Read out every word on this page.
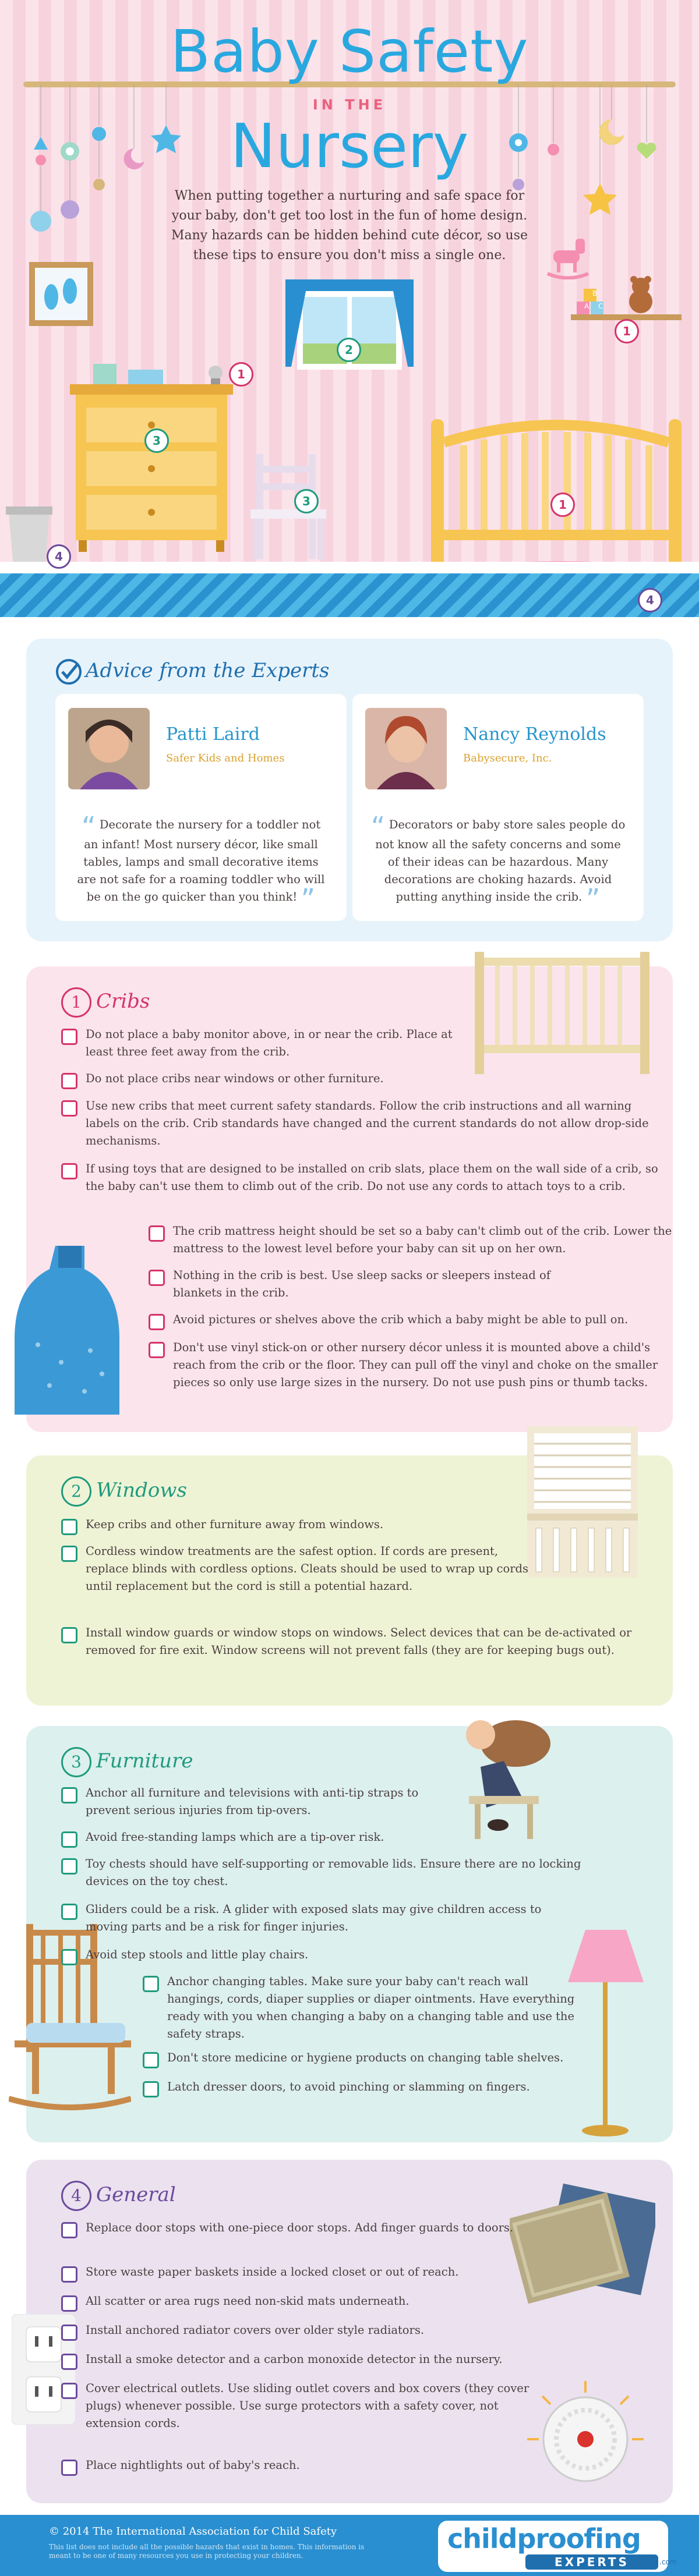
Baby Safety
IN THE
Nursery
When putting together a nurturing and safe space for your baby, don't get too lost in the fun of home design. Many hazards can be hidden behind cute décor, so use these tips to ensure you don't miss a single one.
A
B
C
1
2
3
3
1
1
4
4
Advice from the Experts
Patti Laird
Safer Kids and Homes
“ Decorate the nursery for a toddler not an infant! Most nursery décor, like small tables, lamps and small decorative items are not safe for a roaming toddler who will be on the go quicker than you think! ”
Nancy Reynolds
Babysecure, Inc.
“ Decorators or baby store sales people do not know all the safety concerns and some of their ideas can be hazardous. Many decorations are choking hazards. Avoid putting anything inside the crib. ”
1 Cribs
Do not place a baby monitor above, in or near the crib. Place at least three feet away from the crib.
Do not place cribs near windows or other furniture.
Use new cribs that meet current safety standards. Follow the crib instructions and all warning labels on the crib. Crib standards have changed and the current standards do not allow drop-side mechanisms.
If using toys that are designed to be installed on crib slats, place them on the wall side of a crib, so the baby can't use them to climb out of the crib. Do not use any cords to attach toys to a crib.
The crib mattress height should be set so a baby can't climb out of the crib. Lower the mattress to the lowest level before your baby can sit up on her own.
Nothing in the crib is best. Use sleep sacks or sleepers instead of blankets in the crib.
Avoid pictures or shelves above the crib which a baby might be able to pull on.
Don't use vinyl stick-on or other nursery décor unless it is mounted above a child's reach from the crib or the floor. They can pull off the vinyl and choke on the smaller pieces so only use large sizes in the nursery. Do not use push pins or thumb tacks.
2 Windows
Keep cribs and other furniture away from windows.
Cordless window treatments are the safest option. If cords are present, replace blinds with cordless options. Cleats should be used to wrap up cords until replacement but the cord is still a potential hazard.
Install window guards or window stops on windows. Select devices that can be de-activated or removed for fire exit. Window screens will not prevent falls (they are for keeping bugs out).
3 Furniture
Anchor all furniture and televisions with anti-tip straps to prevent serious injuries from tip-overs.
Avoid free-standing lamps which are a tip-over risk.
Toy chests should have self-supporting or removable lids. Ensure there are no locking devices on the toy chest.
Gliders could be a risk. A glider with exposed slats may give children access to moving parts and be a risk for finger injuries.
Avoid step stools and little play chairs.
Anchor changing tables. Make sure your baby can't reach wall hangings, cords, diaper supplies or diaper ointments. Have everything ready with you when changing a baby on a changing table and use the safety straps.
Don't store medicine or hygiene products on changing table shelves.
Latch dresser doors, to avoid pinching or slamming on fingers.
4 General
Replace door stops with one-piece door stops. Add finger guards to doors.
Store waste paper baskets inside a locked closet or out of reach.
All scatter or area rugs need non-skid mats underneath.
Install anchored radiator covers over older style radiators.
Install a smoke detector and a carbon monoxide detector in the nursery.
Cover electrical outlets. Use sliding outlet covers and box covers (they cover plugs) whenever possible. Use surge protectors with a safety cover, not extension cords.
Place nightlights out of baby's reach.
© 2014 The International Association for Child Safety
This list does not include all the possible hazards that exist in homes. This information is meant to be one of many resources you use in protecting your children.
childproofing
EXPERTS	.com
